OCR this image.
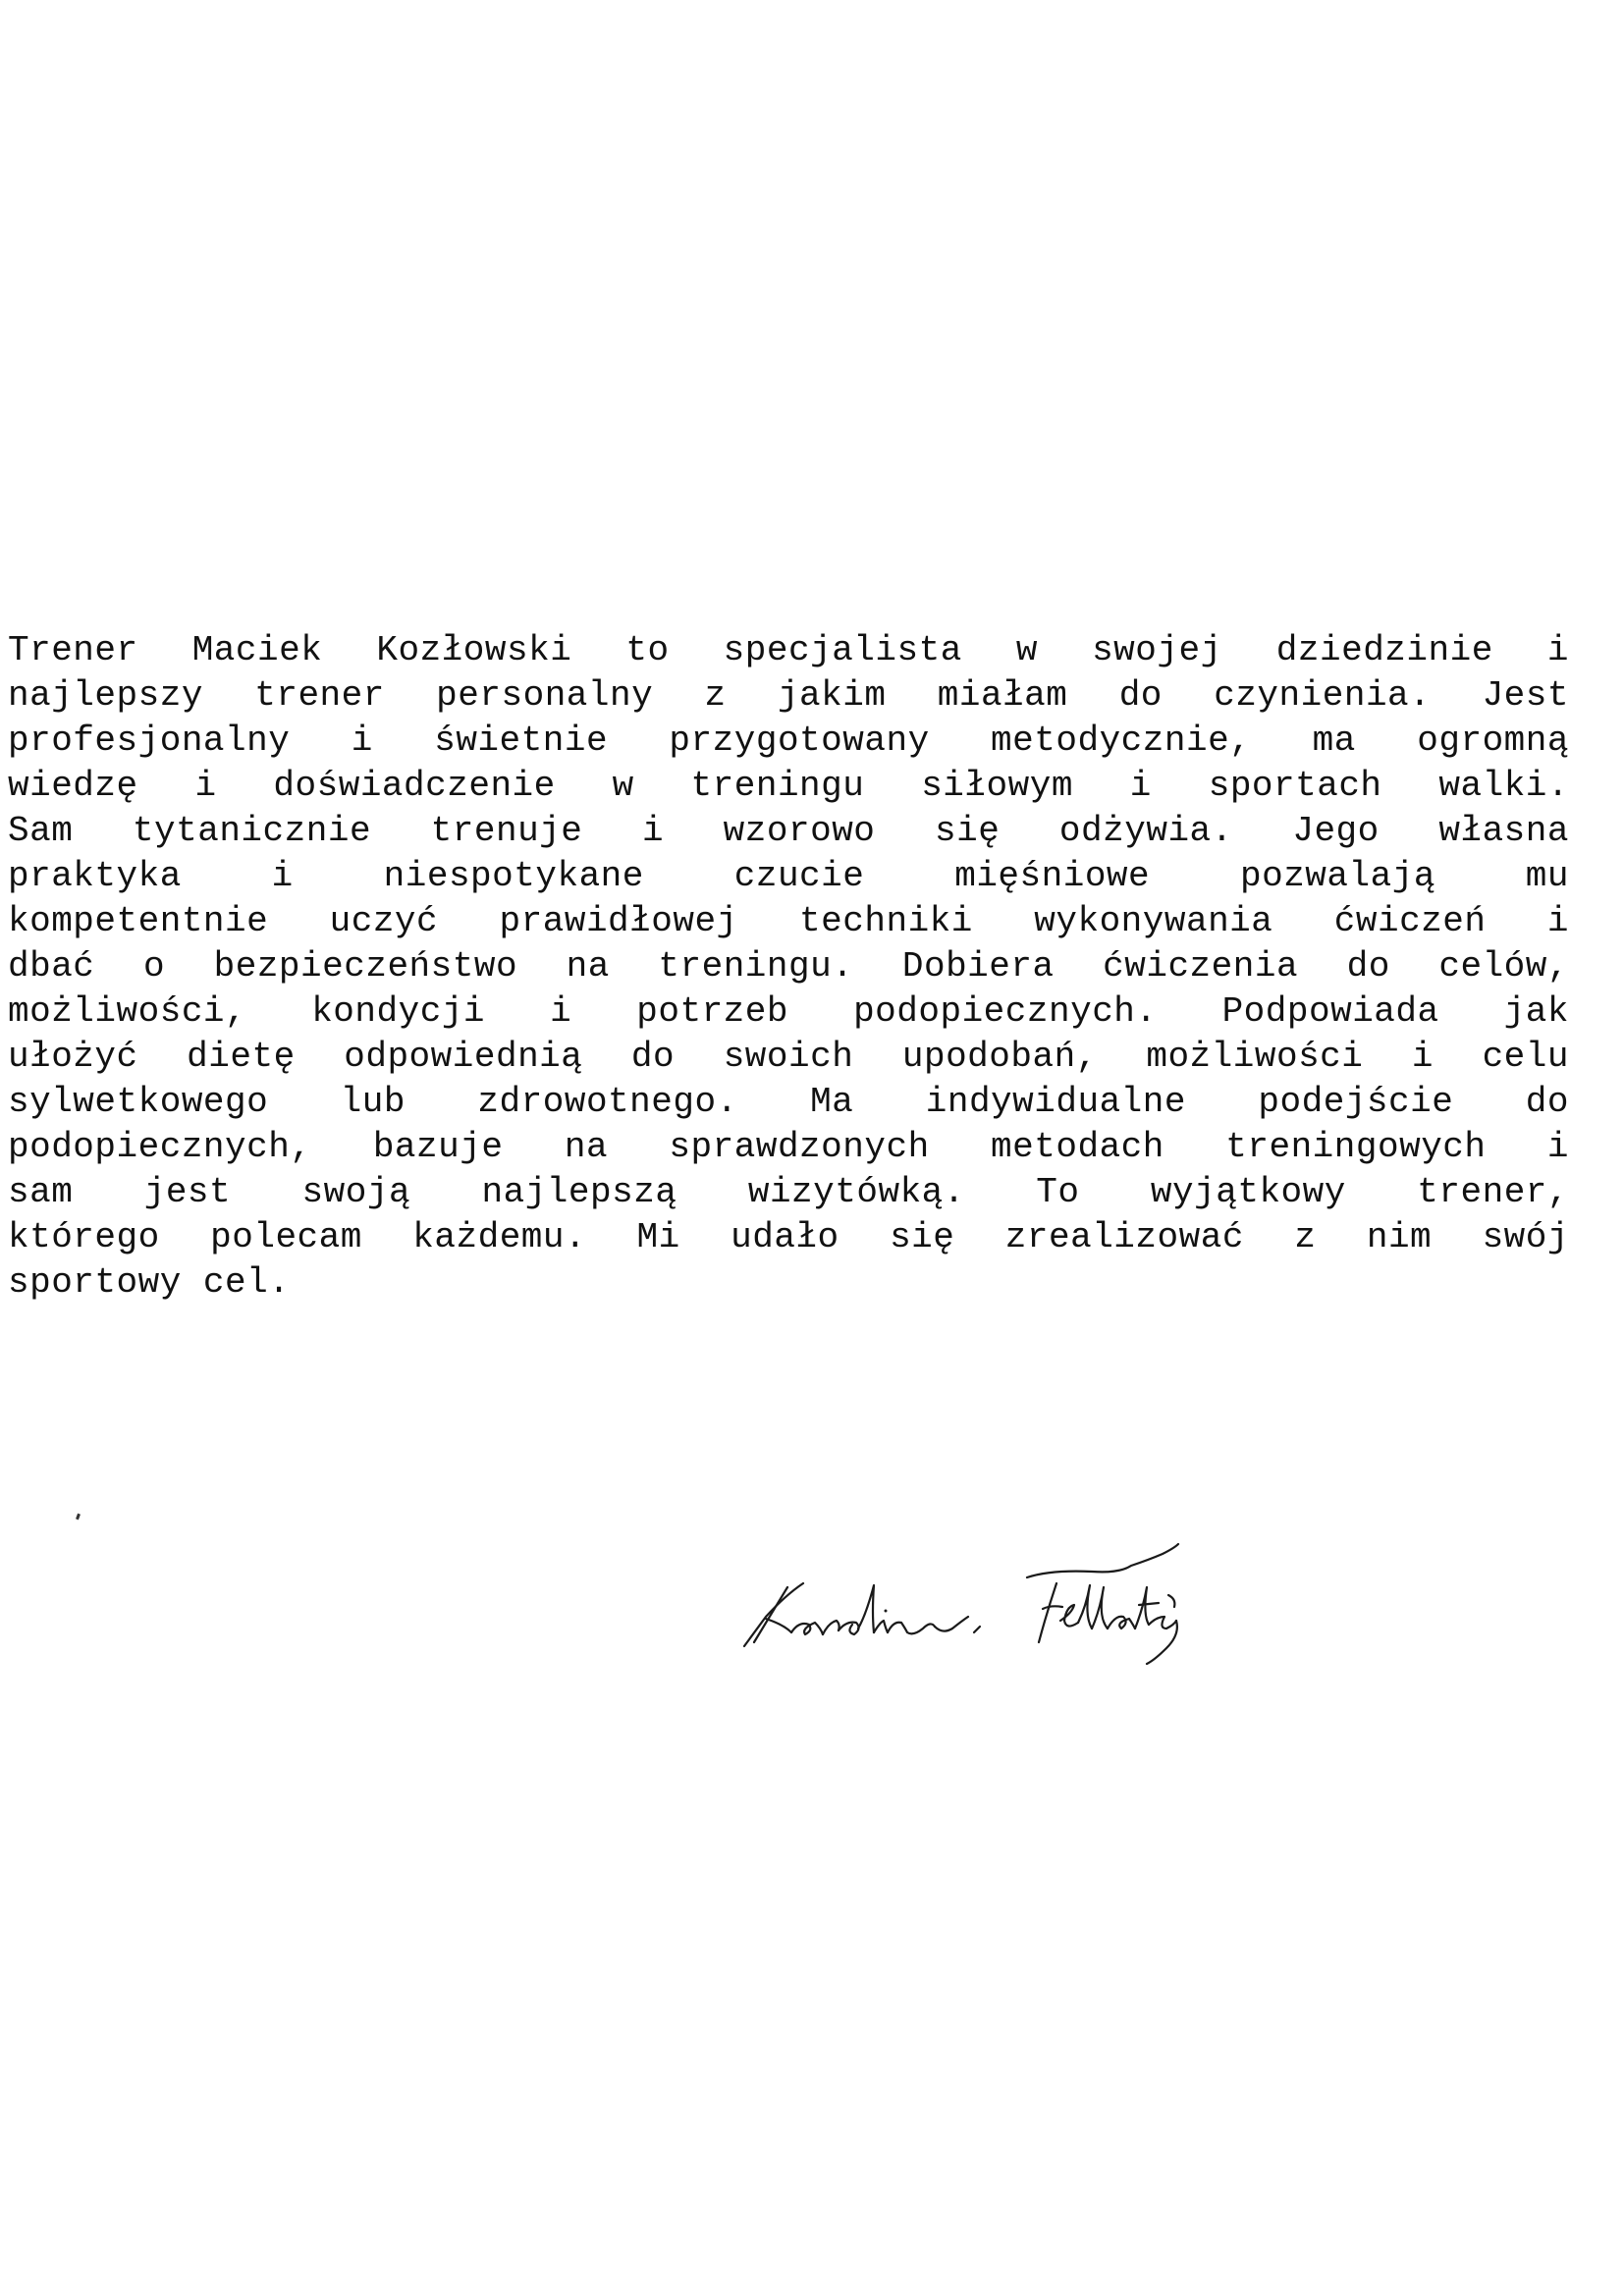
Trener Maciek Kozłowski to specjalista w swojej dziedzinie i
najlepszy trener personalny z jakim miałam do czynienia. Jest
profesjonalny i świetnie przygotowany metodycznie, ma ogromną
wiedzę i doświadczenie w treningu siłowym i sportach walki.
Sam tytanicznie trenuje i wzorowo się odżywia. Jego własna
praktyka i niespotykane czucie mięśniowe pozwalają mu
kompetentnie uczyć prawidłowej techniki wykonywania ćwiczeń i
dbać o bezpieczeństwo na treningu. Dobiera ćwiczenia do celów,
możliwości, kondycji i potrzeb podopiecznych. Podpowiada jak
ułożyć dietę odpowiednią do swoich upodobań, możliwości i celu
sylwetkowego lub zdrowotnego. Ma indywidualne podejście do
podopiecznych, bazuje na sprawdzonych metodach treningowych i
sam jest swoją najlepszą wizytówką. To wyjątkowy trener,
którego polecam każdemu. Mi udało się zrealizować z nim swój
sportowy cel.
